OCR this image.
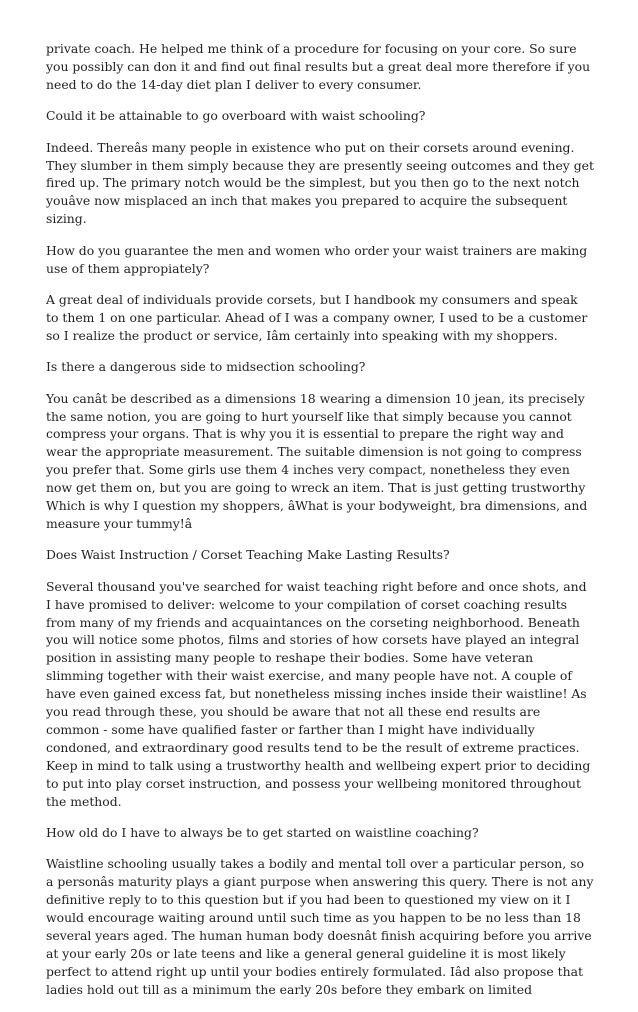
private coach. He helped me think of a procedure for focusing on your core. So sure you possibly can don it and find out final results but a great deal more therefore if you need to do the 14-day diet plan I deliver to every consumer.

Could it be attainable to go overboard with waist schooling?

Indeed. Thereâs many people in existence who put on their corsets around evening. They slumber in them simply because they are presently seeing outcomes and they get fired up. The primary notch would be the simplest, but you then go to the next notch youâve now misplaced an inch that makes you prepared to acquire the subsequent sizing.

How do you guarantee the men and women who order your waist trainers are making use of them appropiately?

A great deal of individuals provide corsets, but I handbook my consumers and speak to them 1 on one particular. Ahead of I was a company owner, I used to be a customer so I realize the product or service, Iâm certainly into speaking with my shoppers.

Is there a dangerous side to midsection schooling?

You canât be described as a dimensions 18 wearing a dimension 10 jean, its precisely the same notion, you are going to hurt yourself like that simply because you cannot compress your organs. That is why you it is essential to prepare the right way and wear the appropriate measurement. The suitable dimension is not going to compress you prefer that. Some girls use them 4 inches very compact, nonetheless they even now get them on, but you are going to wreck an item. That is just getting trustworthy Which is why I question my shoppers, âWhat is your bodyweight, bra dimensions, and measure your tummy!â

Does Waist Instruction / Corset Teaching Make Lasting Results?

Several thousand you've searched for waist teaching right before and once shots, and I have promised to deliver: welcome to your compilation of corset coaching results from many of my friends and acquaintances on the corseting neighborhood. Beneath you will notice some photos, films and stories of how corsets have played an integral position in assisting many people to reshape their bodies. Some have veteran slimming together with their waist exercise, and many people have not. A couple of have even gained excess fat, but nonetheless missing inches inside their waistline! As you read through these, you should be aware that not all these end results are common - some have qualified faster or farther than I might have individually condoned, and extraordinary good results tend to be the result of extreme practices. Keep in mind to talk using a trustworthy health and wellbeing expert prior to deciding to put into play corset instruction, and possess your wellbeing monitored throughout the method.

How old do I have to always be to get started on waistline coaching?

Waistline schooling usually takes a bodily and mental toll over a particular person, so a personâs maturity plays a giant purpose when answering this query. There is not any definitive reply to to this question but if you had been to questioned my view on it I would encourage waiting around until such time as you happen to be no less than 18 several years aged. The human human body doesnât finish acquiring before you arrive at your early 20s or late teens and like a general general guideline it is most likely perfect to attend right up until your bodies entirely formulated. Iâd also propose that ladies hold out till as a minimum the early 20s before they embark on limited
